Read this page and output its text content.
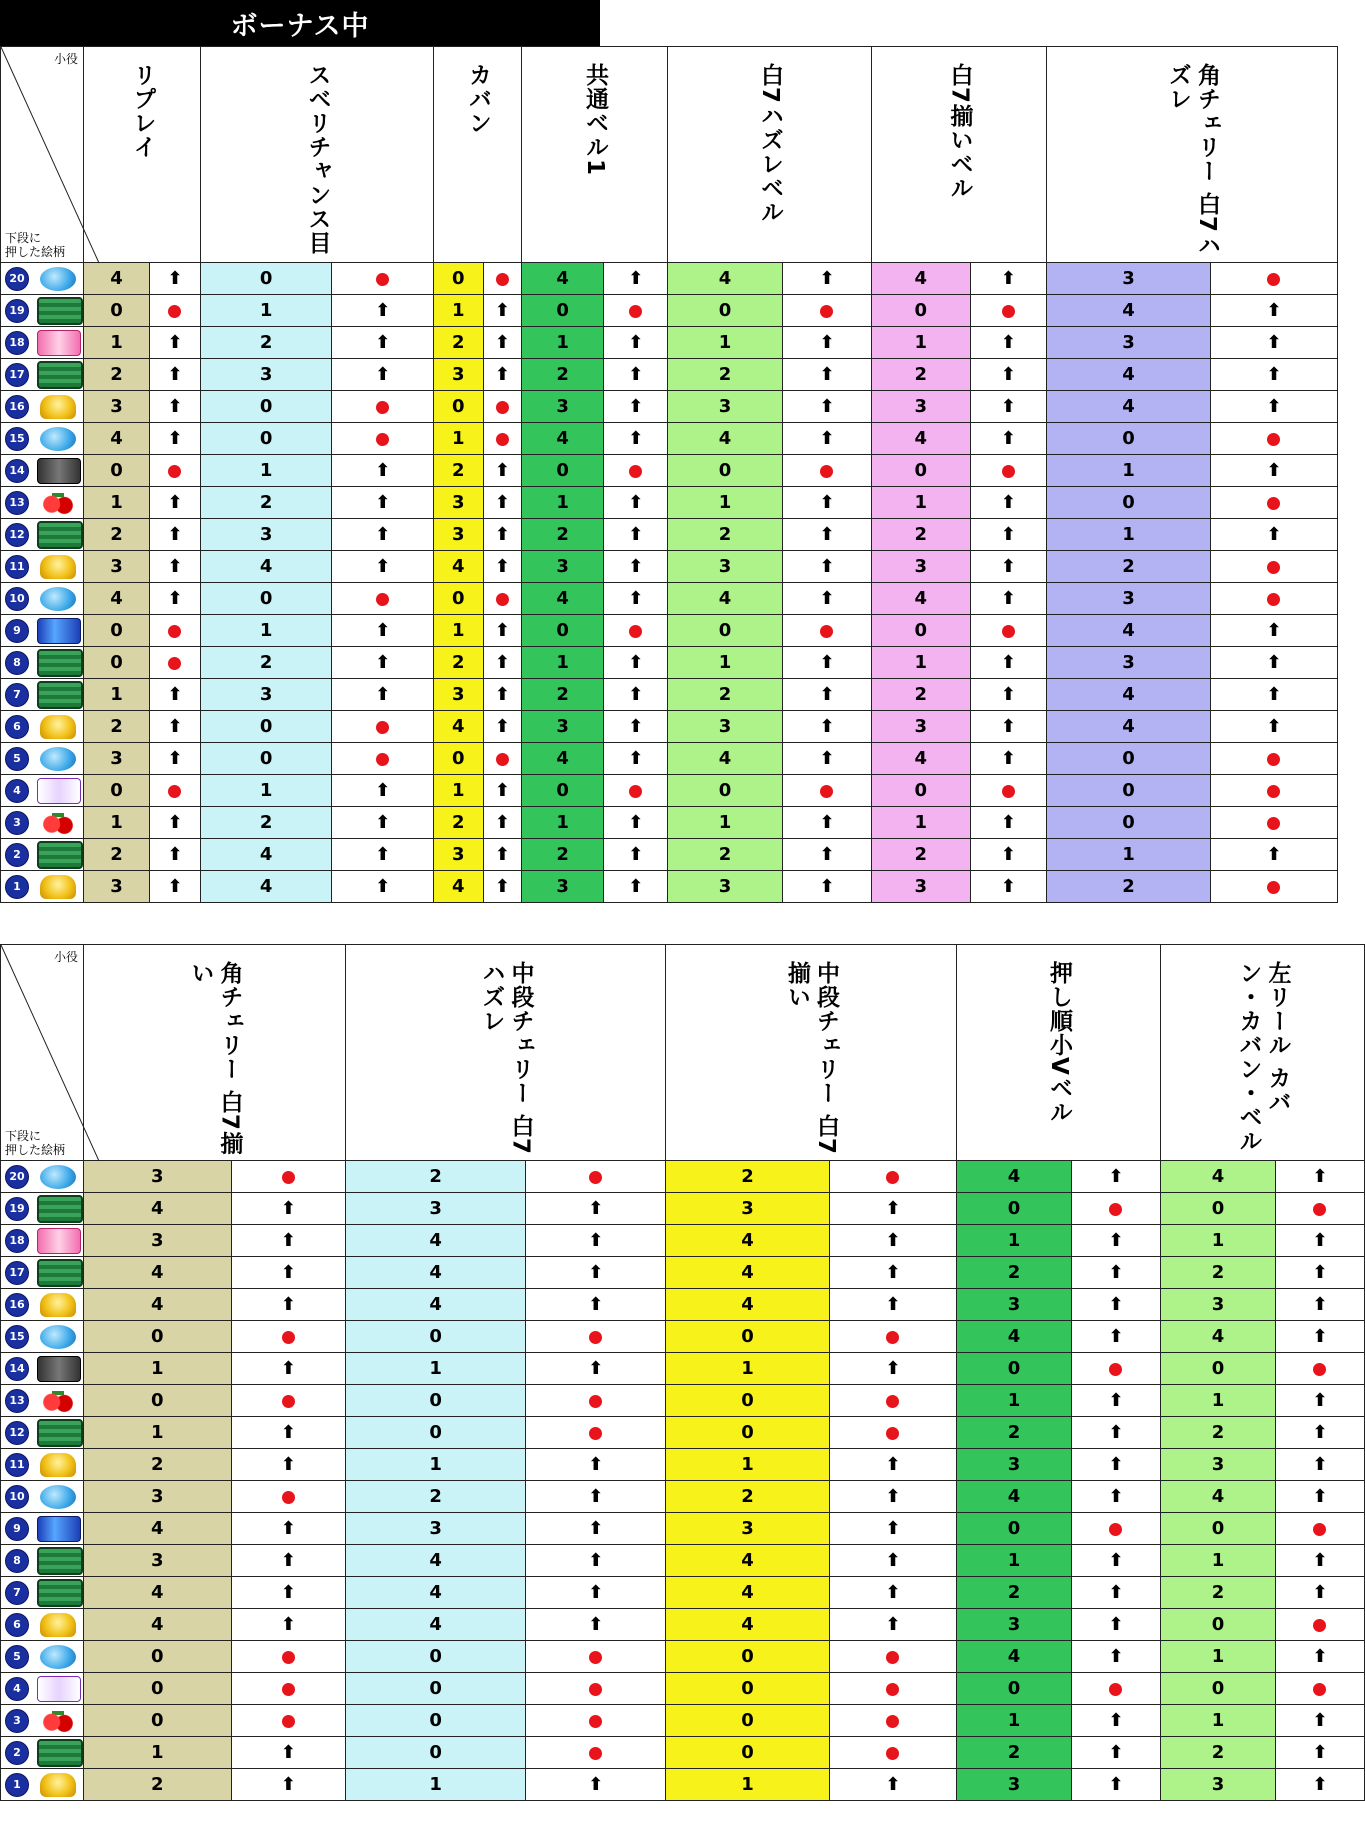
ボーナス中
小役
下段に
押した絵柄	リプレイ		スベリチャンス目		カバン		共通ベル1		白7ハズレベル		白7揃いベル		角チェリー 白7ハズレ	
20	4	⬆	0		0		4	⬆	4	⬆	4	⬆	3	
19	0		1	⬆	1	⬆	0		0		0		4	⬆
18	1	⬆	2	⬆	2	⬆	1	⬆	1	⬆	1	⬆	3	⬆
17	2	⬆	3	⬆	3	⬆	2	⬆	2	⬆	2	⬆	4	⬆
16	3	⬆	0		0		3	⬆	3	⬆	3	⬆	4	⬆
15	4	⬆	0		1		4	⬆	4	⬆	4	⬆	0	
14	0		1	⬆	2	⬆	0		0		0		1	⬆
13	1	⬆	2	⬆	3	⬆	1	⬆	1	⬆	1	⬆	0	
12	2	⬆	3	⬆	3	⬆	2	⬆	2	⬆	2	⬆	1	⬆
11	3	⬆	4	⬆	4	⬆	3	⬆	3	⬆	3	⬆	2	
10	4	⬆	0		0		4	⬆	4	⬆	4	⬆	3	
9	0		1	⬆	1	⬆	0		0		0		4	⬆
8	0		2	⬆	2	⬆	1	⬆	1	⬆	1	⬆	3	⬆
7	1	⬆	3	⬆	3	⬆	2	⬆	2	⬆	2	⬆	4	⬆
6	2	⬆	0		4	⬆	3	⬆	3	⬆	3	⬆	4	⬆
5	3	⬆	0		0		4	⬆	4	⬆	4	⬆	0	
4	0		1	⬆	1	⬆	0		0		0		0	
3	1	⬆	2	⬆	2	⬆	1	⬆	1	⬆	1	⬆	0	
2	2	⬆	4	⬆	3	⬆	2	⬆	2	⬆	2	⬆	1	⬆
1	3	⬆	4	⬆	4	⬆	3	⬆	3	⬆	3	⬆	2	
小役
下段に
押した絵柄	角チェリー 白7揃い		中段チェリー 白7ハズレ		中段チェリー 白7揃い		押し順小Vベル		左リール カバン・カバン・ベル	
20	3		2		2		4	⬆	4	⬆
19	4	⬆	3	⬆	3	⬆	0		0	
18	3	⬆	4	⬆	4	⬆	1	⬆	1	⬆
17	4	⬆	4	⬆	4	⬆	2	⬆	2	⬆
16	4	⬆	4	⬆	4	⬆	3	⬆	3	⬆
15	0		0		0		4	⬆	4	⬆
14	1	⬆	1	⬆	1	⬆	0		0	
13	0		0		0		1	⬆	1	⬆
12	1	⬆	0		0		2	⬆	2	⬆
11	2	⬆	1	⬆	1	⬆	3	⬆	3	⬆
10	3		2	⬆	2	⬆	4	⬆	4	⬆
9	4	⬆	3	⬆	3	⬆	0		0	
8	3	⬆	4	⬆	4	⬆	1	⬆	1	⬆
7	4	⬆	4	⬆	4	⬆	2	⬆	2	⬆
6	4	⬆	4	⬆	4	⬆	3	⬆	0	
5	0		0		0		4	⬆	1	⬆
4	0		0		0		0		0	
3	0		0		0		1	⬆	1	⬆
2	1	⬆	0		0		2	⬆	2	⬆
1	2	⬆	1	⬆	1	⬆	3	⬆	3	⬆
